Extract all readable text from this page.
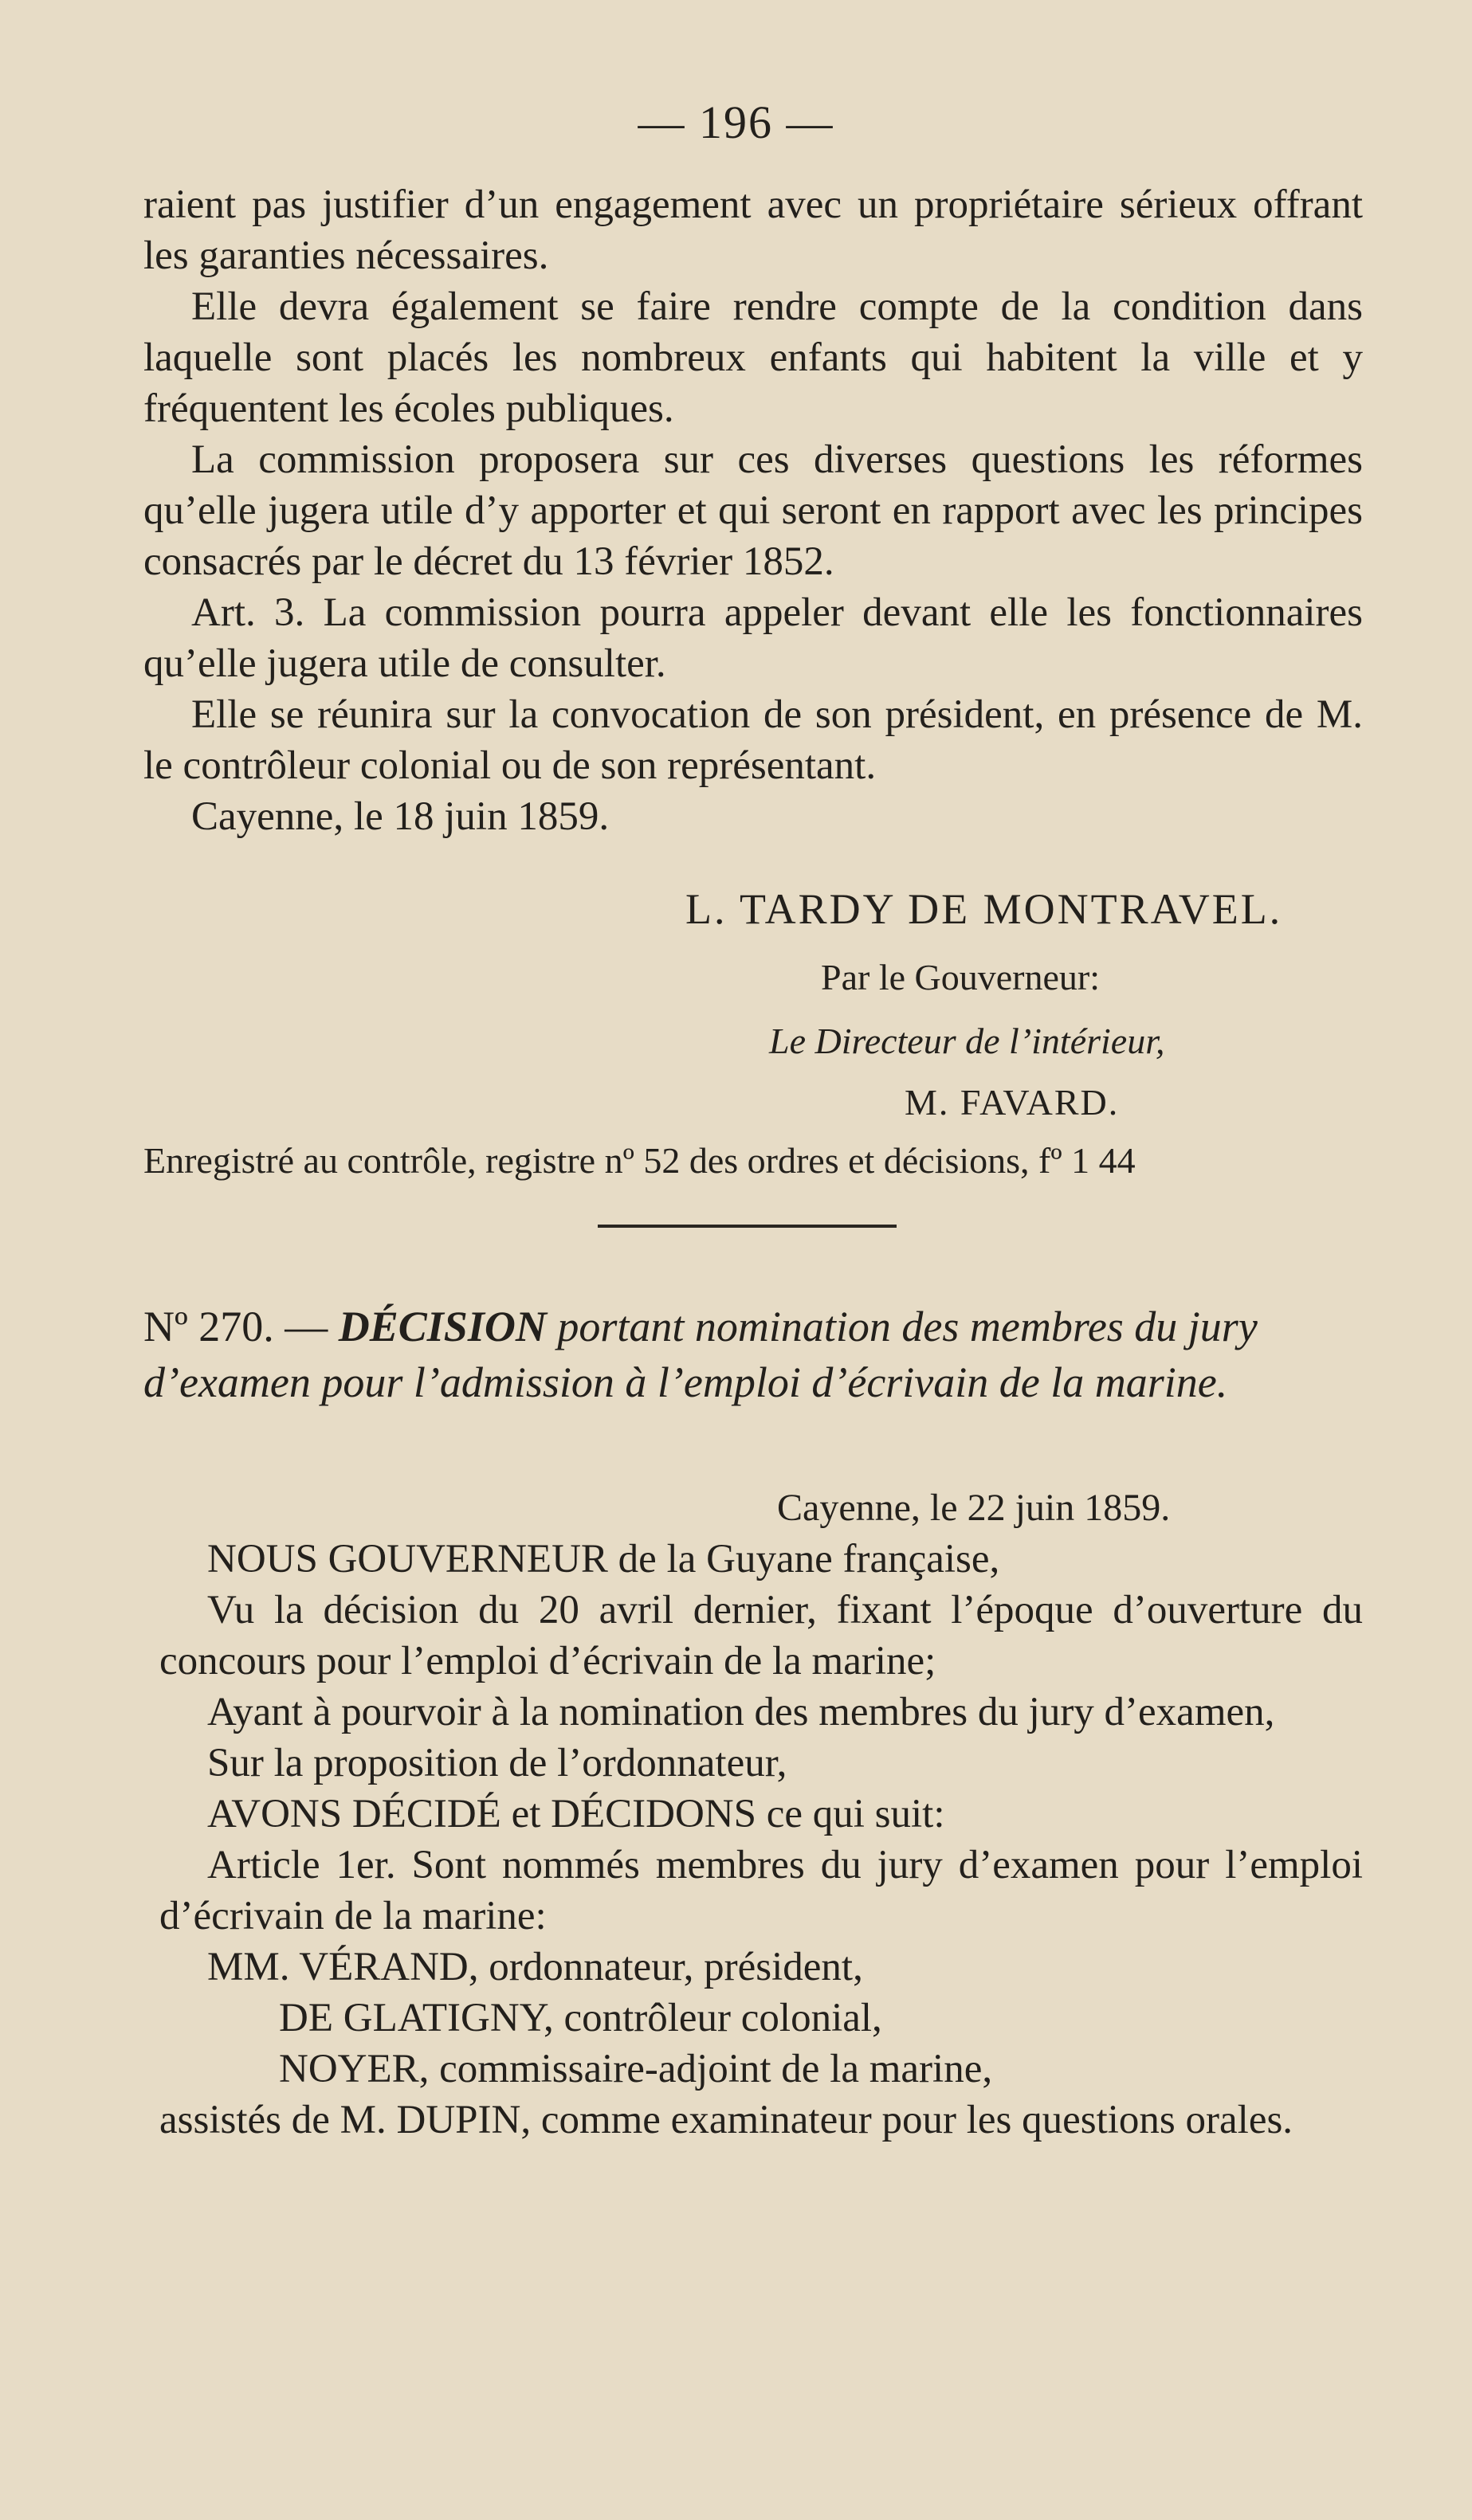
— 196 —

raient pas justifier d’un engagement avec un propriétaire sérieux offrant les garanties nécessaires.

Elle devra également se faire rendre compte de la condition dans laquelle sont placés les nombreux enfants qui habitent la ville et y fréquentent les écoles publiques.

La commission proposera sur ces diverses questions les réformes qu’elle jugera utile d’y apporter et qui seront en rapport avec les principes consacrés par le décret du 13 février 1852.

Art. 3. La commission pourra appeler devant elle les fonctionnaires qu’elle jugera utile de consulter.

Elle se réunira sur la convocation de son président, en présence de M. le contrôleur colonial ou de son représentant.

Cayenne, le 18 juin 1859.

L. TARDY DE MONTRAVEL.
Par le Gouverneur:
Le Directeur de l’intérieur,
M. FAVARD.
Enregistré au contrôle, registre nº 52 des ordres et décisions, fº 1 44
Nº 270. — DÉCISION portant nomination des membres du jury d’examen pour l’admission à l’emploi d’écrivain de la marine.
Cayenne, le 22 juin 1859.

NOUS GOUVERNEUR de la Guyane française,

Vu la décision du 20 avril dernier, fixant l’époque d’ouverture du concours pour l’emploi d’écrivain de la marine;

Ayant à pourvoir à la nomination des membres du jury d’examen,

Sur la proposition de l’ordonnateur,

AVONS DÉCIDÉ et DÉCIDONS ce qui suit:

Article 1er. Sont nommés membres du jury d’examen pour l’emploi d’écrivain de la marine:

MM. VÉRAND, ordonnateur, président,
DE GLATIGNY, contrôleur colonial,
NOYER, commissaire-adjoint de la marine,

assistés de M. DUPIN, comme examinateur pour les questions orales.
